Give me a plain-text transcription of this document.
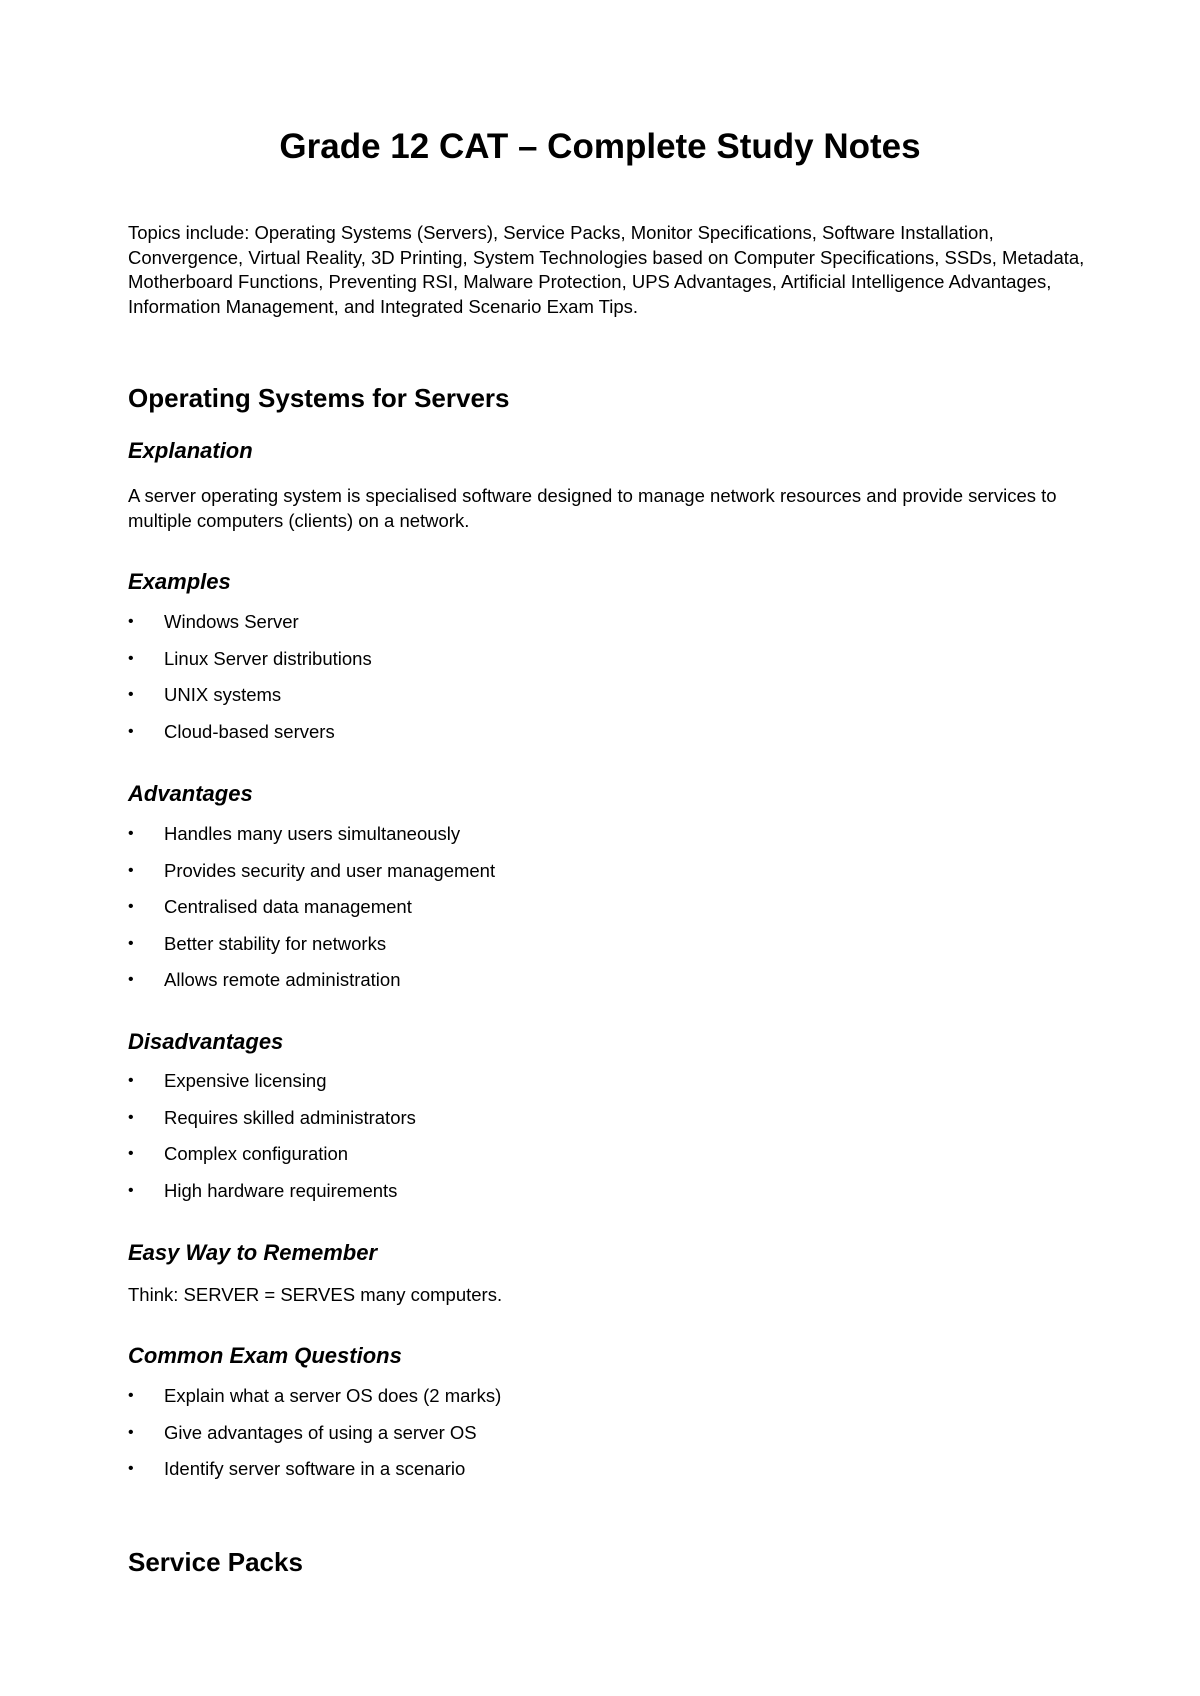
Grade 12 CAT – Complete Study Notes

Topics include: Operating Systems (Servers), Service Packs, Monitor Specifications, Software Installation, Convergence, Virtual Reality, 3D Printing, System Technologies based on Computer Specifications, SSDs, Metadata, Motherboard Functions, Preventing RSI, Malware Protection, UPS Advantages, Artificial Intelligence Advantages, Information Management, and Integrated Scenario Exam Tips.

Operating Systems for Servers
Explanation

A server operating system is specialised software designed to manage network resources and provide services to multiple computers (clients) on a network.

Examples
• Windows Server
• Linux Server distributions
• UNIX systems
• Cloud-based servers
Advantages
• Handles many users simultaneously
• Provides security and user management
• Centralised data management
• Better stability for networks
• Allows remote administration
Disadvantages
• Expensive licensing
• Requires skilled administrators
• Complex configuration
• High hardware requirements
Easy Way to Remember

Think: SERVER = SERVES many computers.

Common Exam Questions
• Explain what a server OS does (2 marks)
• Give advantages of using a server OS
• Identify server software in a scenario
Service Packs
